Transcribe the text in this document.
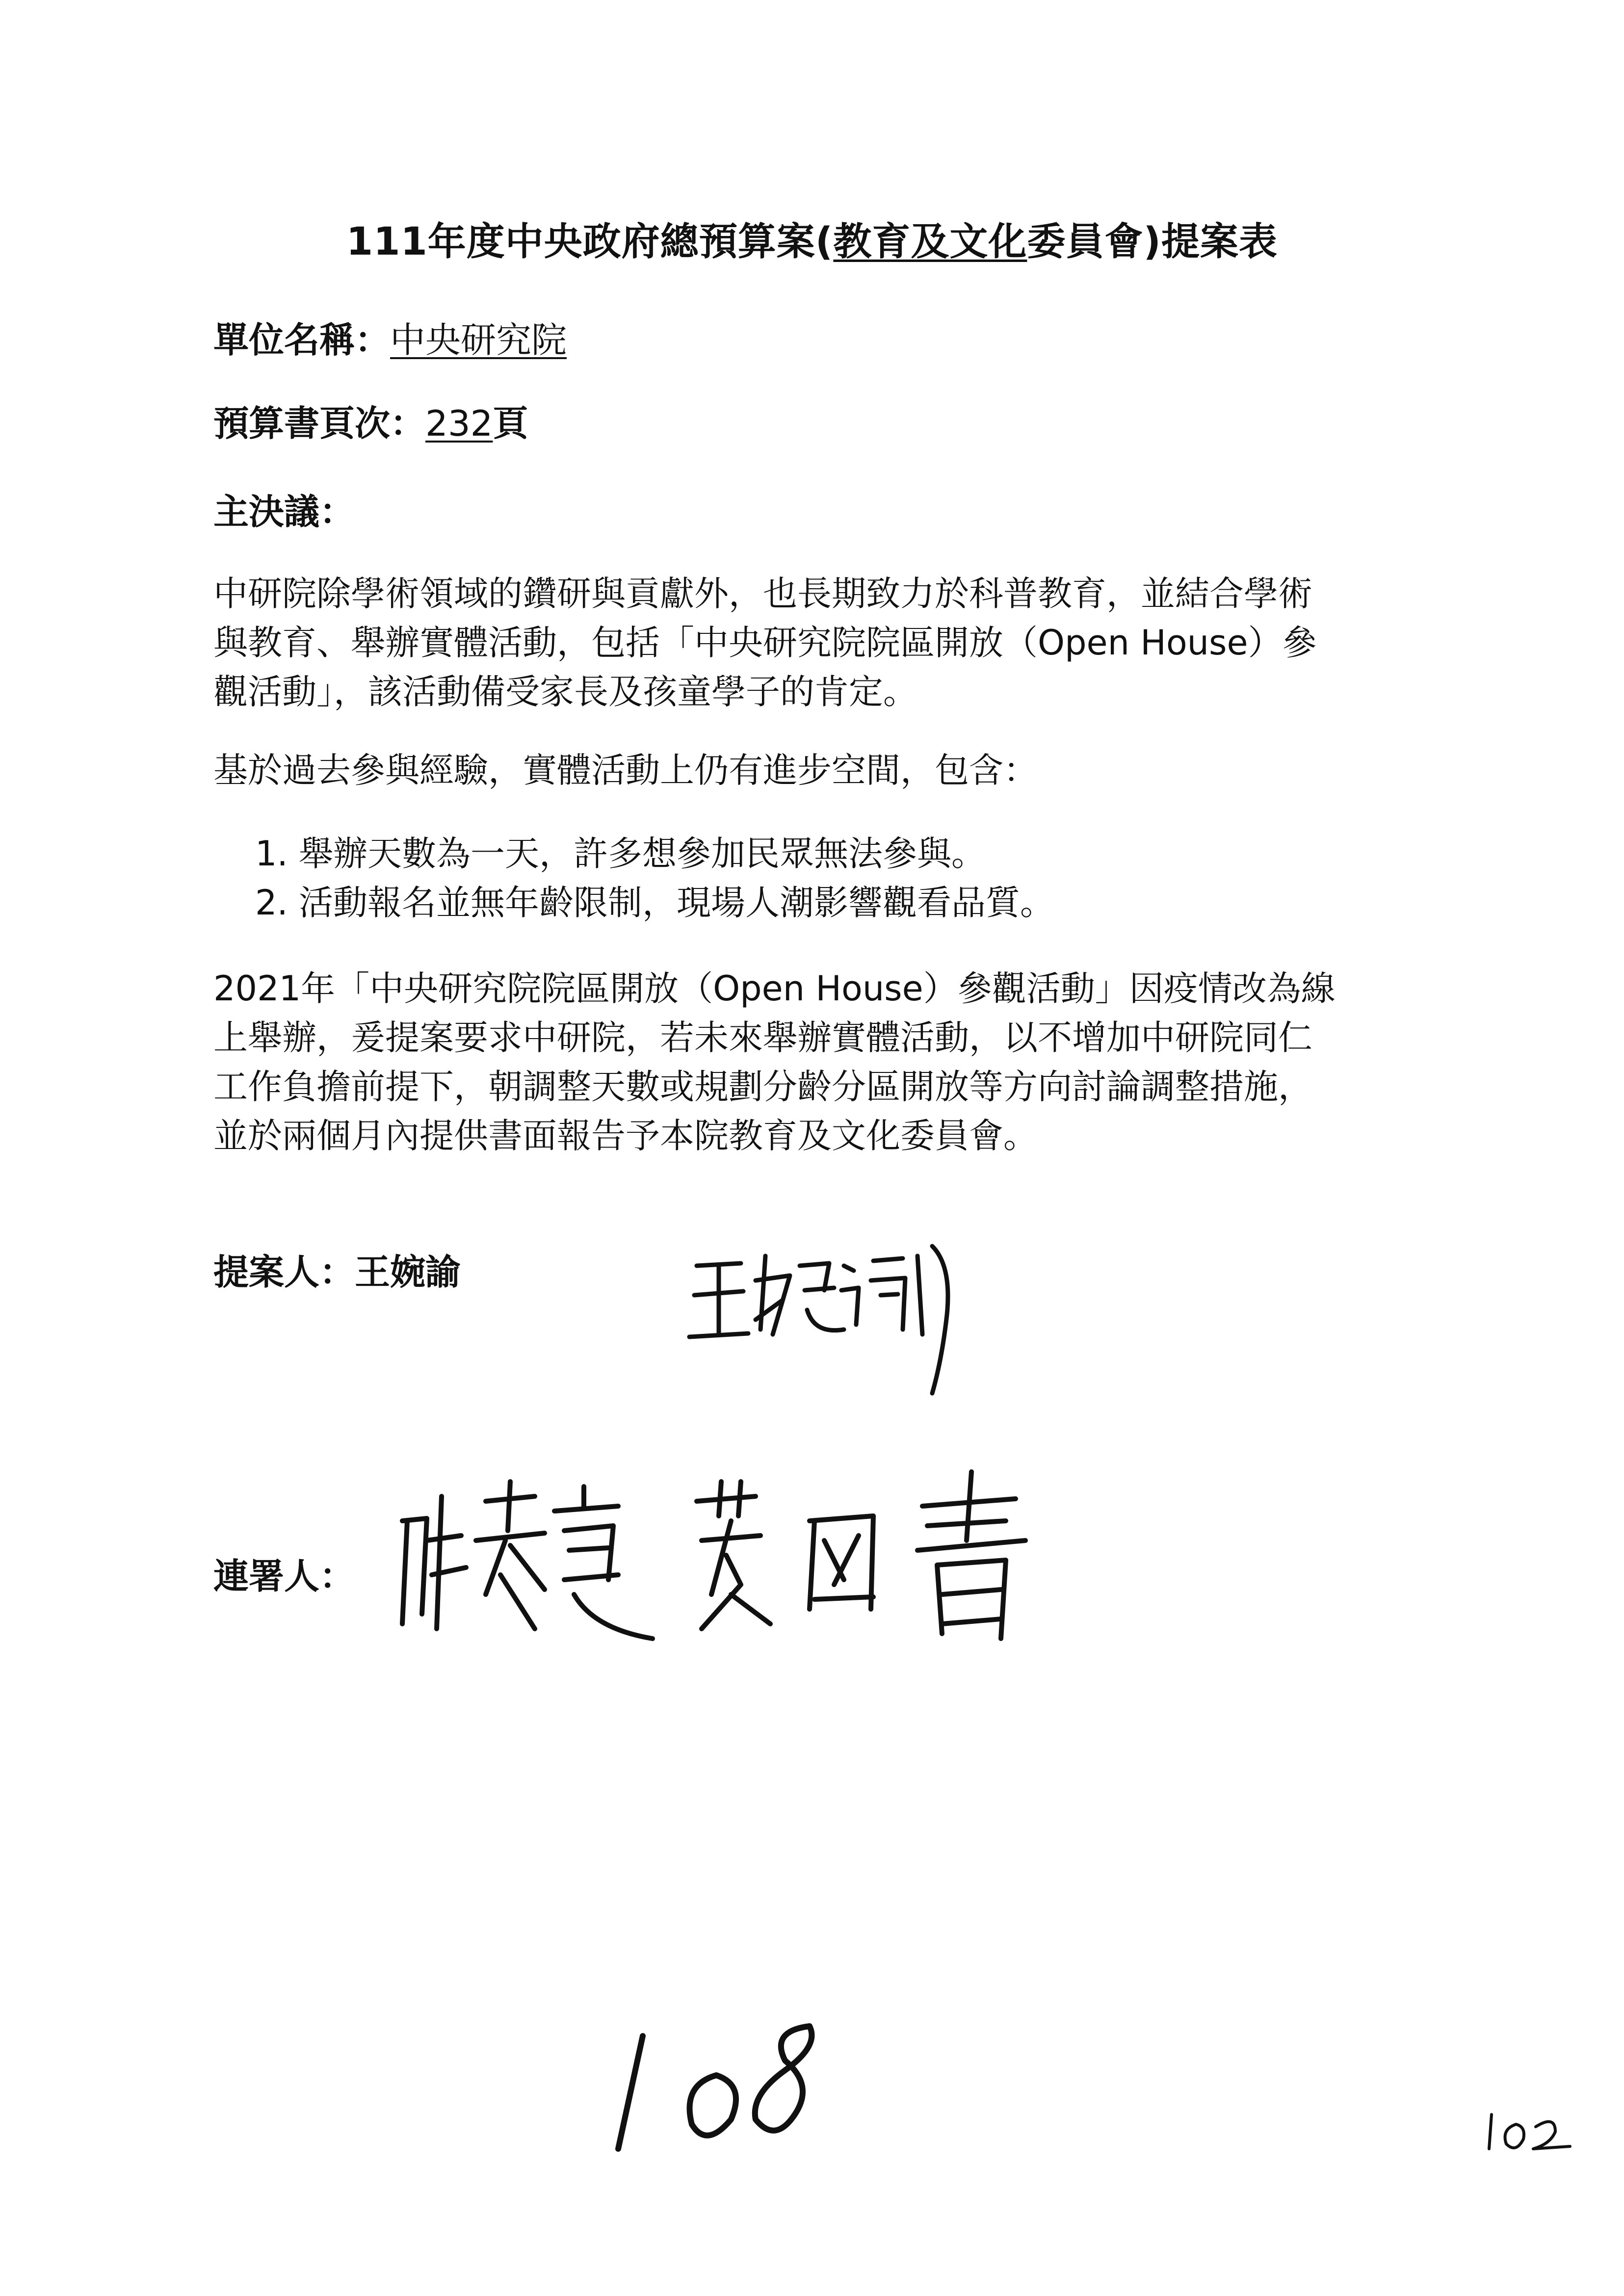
111年度中央政府總預算案(教育及文化委員會)提案表
單位名稱：中央研究院
預算書頁次：232頁
主決議：
中研院除學術領域的鑽研與貢獻外，也長期致力於科普教育，並結合學術
與教育、舉辦實體活動，包括「中央研究院院區開放（Open House）參
觀活動」，該活動備受家長及孩童學子的肯定。
基於過去參與經驗，實體活動上仍有進步空間，包含：
1. 舉辦天數為一天，許多想參加民眾無法參與。
2. 活動報名並無年齡限制，現場人潮影響觀看品質。
2021年「中央研究院院區開放（Open House）參觀活動」因疫情改為線
上舉辦，爰提案要求中研院，若未來舉辦實體活動，以不增加中研院同仁
工作負擔前提下，朝調整天數或規劃分齡分區開放等方向討論調整措施，
並於兩個月內提供書面報告予本院教育及文化委員會。
提案人：王婉諭
連署人：
